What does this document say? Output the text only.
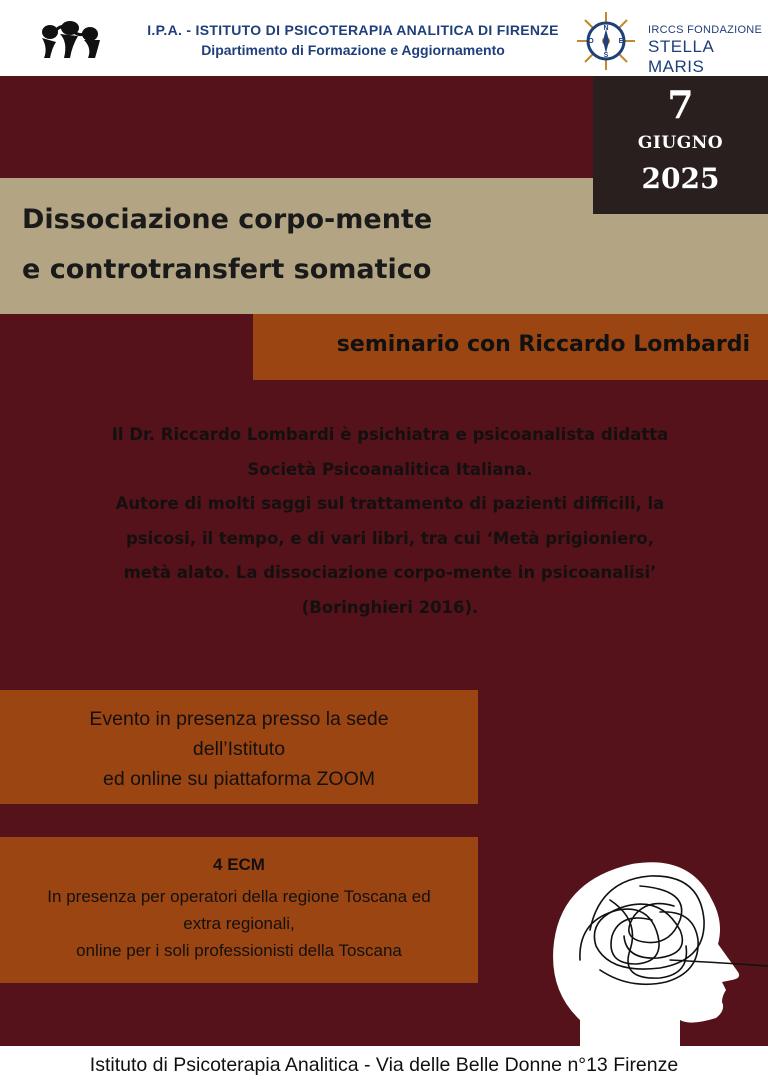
I.P.A. - ISTITUTO DI PSICOTERAPIA ANALITICA DI FIRENZE
Dipartimento di Formazione e Aggiornamento
N
E
S
O
IRCCS FONDAZIONE
STELLA MARIS
7
GIUGNO
2025
Dissociazione corpo-mente
e controtransfert somatico
seminario con Riccardo Lombardi
Il Dr. Riccardo Lombardi è psichiatra e psicoanalista didatta
Società Psicoanalitica Italiana.
Autore di molti saggi sul trattamento di pazienti difficili, la
psicosi, il tempo, e di vari libri, tra cui ‘Metà prigioniero,
metà alato. La dissociazione corpo-mente in psicoanalisi’
(Boringhieri 2016).
Evento in presenza presso la sede
dell’Istituto
ed online su piattaforma ZOOM
4 ECM
In presenza per operatori della regione Toscana ed
extra regionali,
online per i soli professionisti della Toscana
Istituto di Psicoterapia Analitica - Via delle Belle Donne n°13 Firenze
